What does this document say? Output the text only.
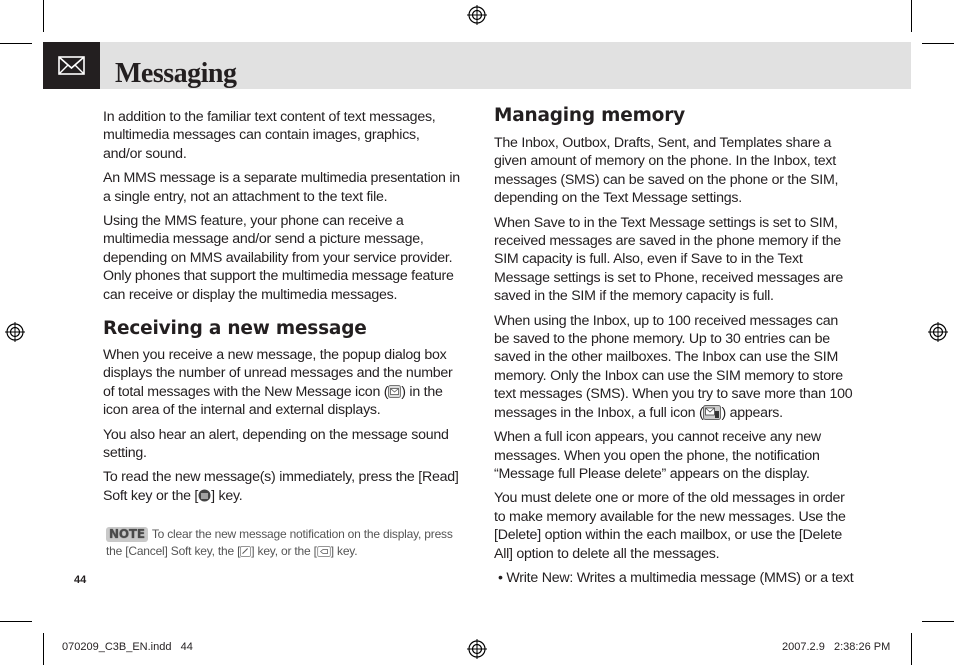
Messaging

In addition to the familiar text content of text messages, multimedia messages can contain images, graphics, and/or sound.

An MMS message is a separate multimedia presentation in a single entry, not an attachment to the text file.

Using the MMS feature, your phone can receive a multimedia message and/or send a picture message, depending on MMS availability from your service provider. Only phones that support the multimedia message feature can receive or display the multimedia messages.

Receiving a new message

When you receive a new message, the popup dialog box displays the number of unread messages and the number of total messages with the New Message icon ( ) in the icon area of the internal and external displays.

You also hear an alert, depending on the message sound setting.

To read the new message(s) immediately, press the [Read] Soft key or the [ ] key.

NOTE To clear the new message notification on the display, press the [Cancel] Soft key, the [ ] key, or the [ ] key.
Managing memory

The Inbox, Outbox, Drafts, Sent, and Templates share a given amount of memory on the phone. In the Inbox, text messages (SMS) can be saved on the phone or the SIM, depending on the Text Message settings.

When Save to in the Text Message settings is set to SIM, received messages are saved in the phone memory if the SIM capacity is full. Also, even if Save to in the Text Message settings is set to Phone, received messages are saved in the SIM if the memory capacity is full.

When using the Inbox, up to 100 received messages can be saved to the phone memory. Up to 30 entries can be saved in the other mailboxes. The Inbox can use the SIM memory. Only the Inbox can use the SIM memory to store text messages (SMS). When you try to save more than 100 messages in the Inbox, a full icon ( ) appears.

When a full icon appears, you cannot receive any new messages. When you open the phone, the notification “Message full Please delete” appears on the display.

You must delete one or more of the old messages in order to make memory available for the new messages. Use the [Delete] option within the each mailbox, or use the [Delete All] option to delete all the messages.

• Write New: Writes a multimedia message (MMS) or a text

44
070209_C3B_EN.indd   44	2007.2.9   2:38:26 PM
